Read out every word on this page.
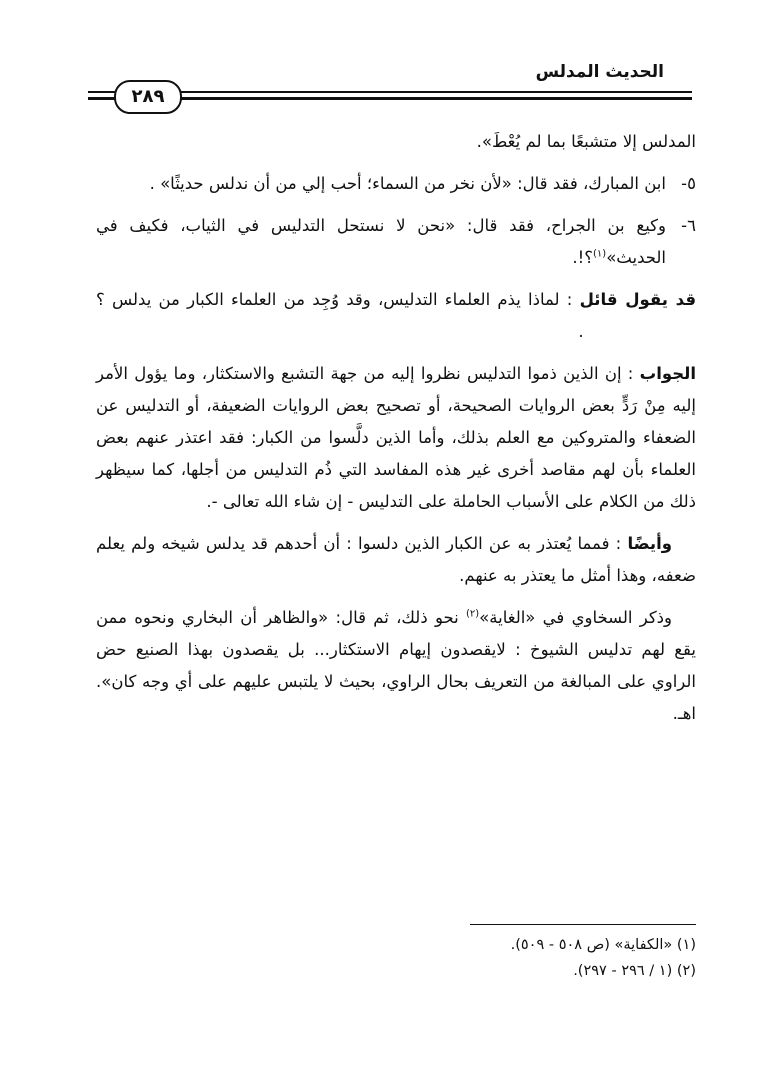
الحديث المدلس
٢٨٩

المدلس إلا متشبعًا بما لم يُعْطَ».

٥-
ابن المبارك، فقد قال: «لأن نخر من السماء؛ أحب إلي من أن ندلس حديثًا» .
٦-
وكيع بن الجراح، فقد قال: «نحن لا نستحل التدليس في الثياب، فكيف في الحديث»$^{(١)}$؟!.

قد يقول قائل : لماذا يذم العلماء التدليس، وقد وُجِد من العلماء الكبار من يدلس ؟.

الجواب : إن الذين ذموا التدليس نظروا إليه من جهة التشبع والاستكثار، وما يؤول الأمر إليه مِنْ رَدٍّ بعض الروايات الصحيحة، أو تصحيح بعض الروايات الضعيفة، أو التدليس عن الضعفاء والمتروكين مع العلم بذلك، وأما الذين دلَّسوا من الكبار: فقد اعتذر عنهم بعض العلماء بأن لهم مقاصد أخرى غير هذه المفاسد التي ذُم التدليس من أجلها، كما سيظهر ذلك من الكلام على الأسباب الحاملة على التدليس - إن شاء الله تعالى -.

وأيضًا : فمما يُعتذر به عن الكبار الذين دلسوا : أن أحدهم قد يدلس شيخه ولم يعلم ضعفه، وهذا أمثل ما يعتذر به عنهم.

وذكر السخاوي في «الغاية»$^{(٢)}$ نحو ذلك، ثم قال: «والظاهر أن البخاري ونحوه ممن يقع لهم تدليس الشيوخ : لايقصدون إيهام الاستكثار... بل يقصدون بهذا الصنيع حض الراوي على المبالغة من التعريف بحال الراوي، بحيث لا يلتبس عليهم على أي وجه كان». اهـ.

(١) «الكفاية» (ص ٥٠٨ - ٥٠٩).
(٢) (١ / ٢٩٦ - ٢٩٧).
